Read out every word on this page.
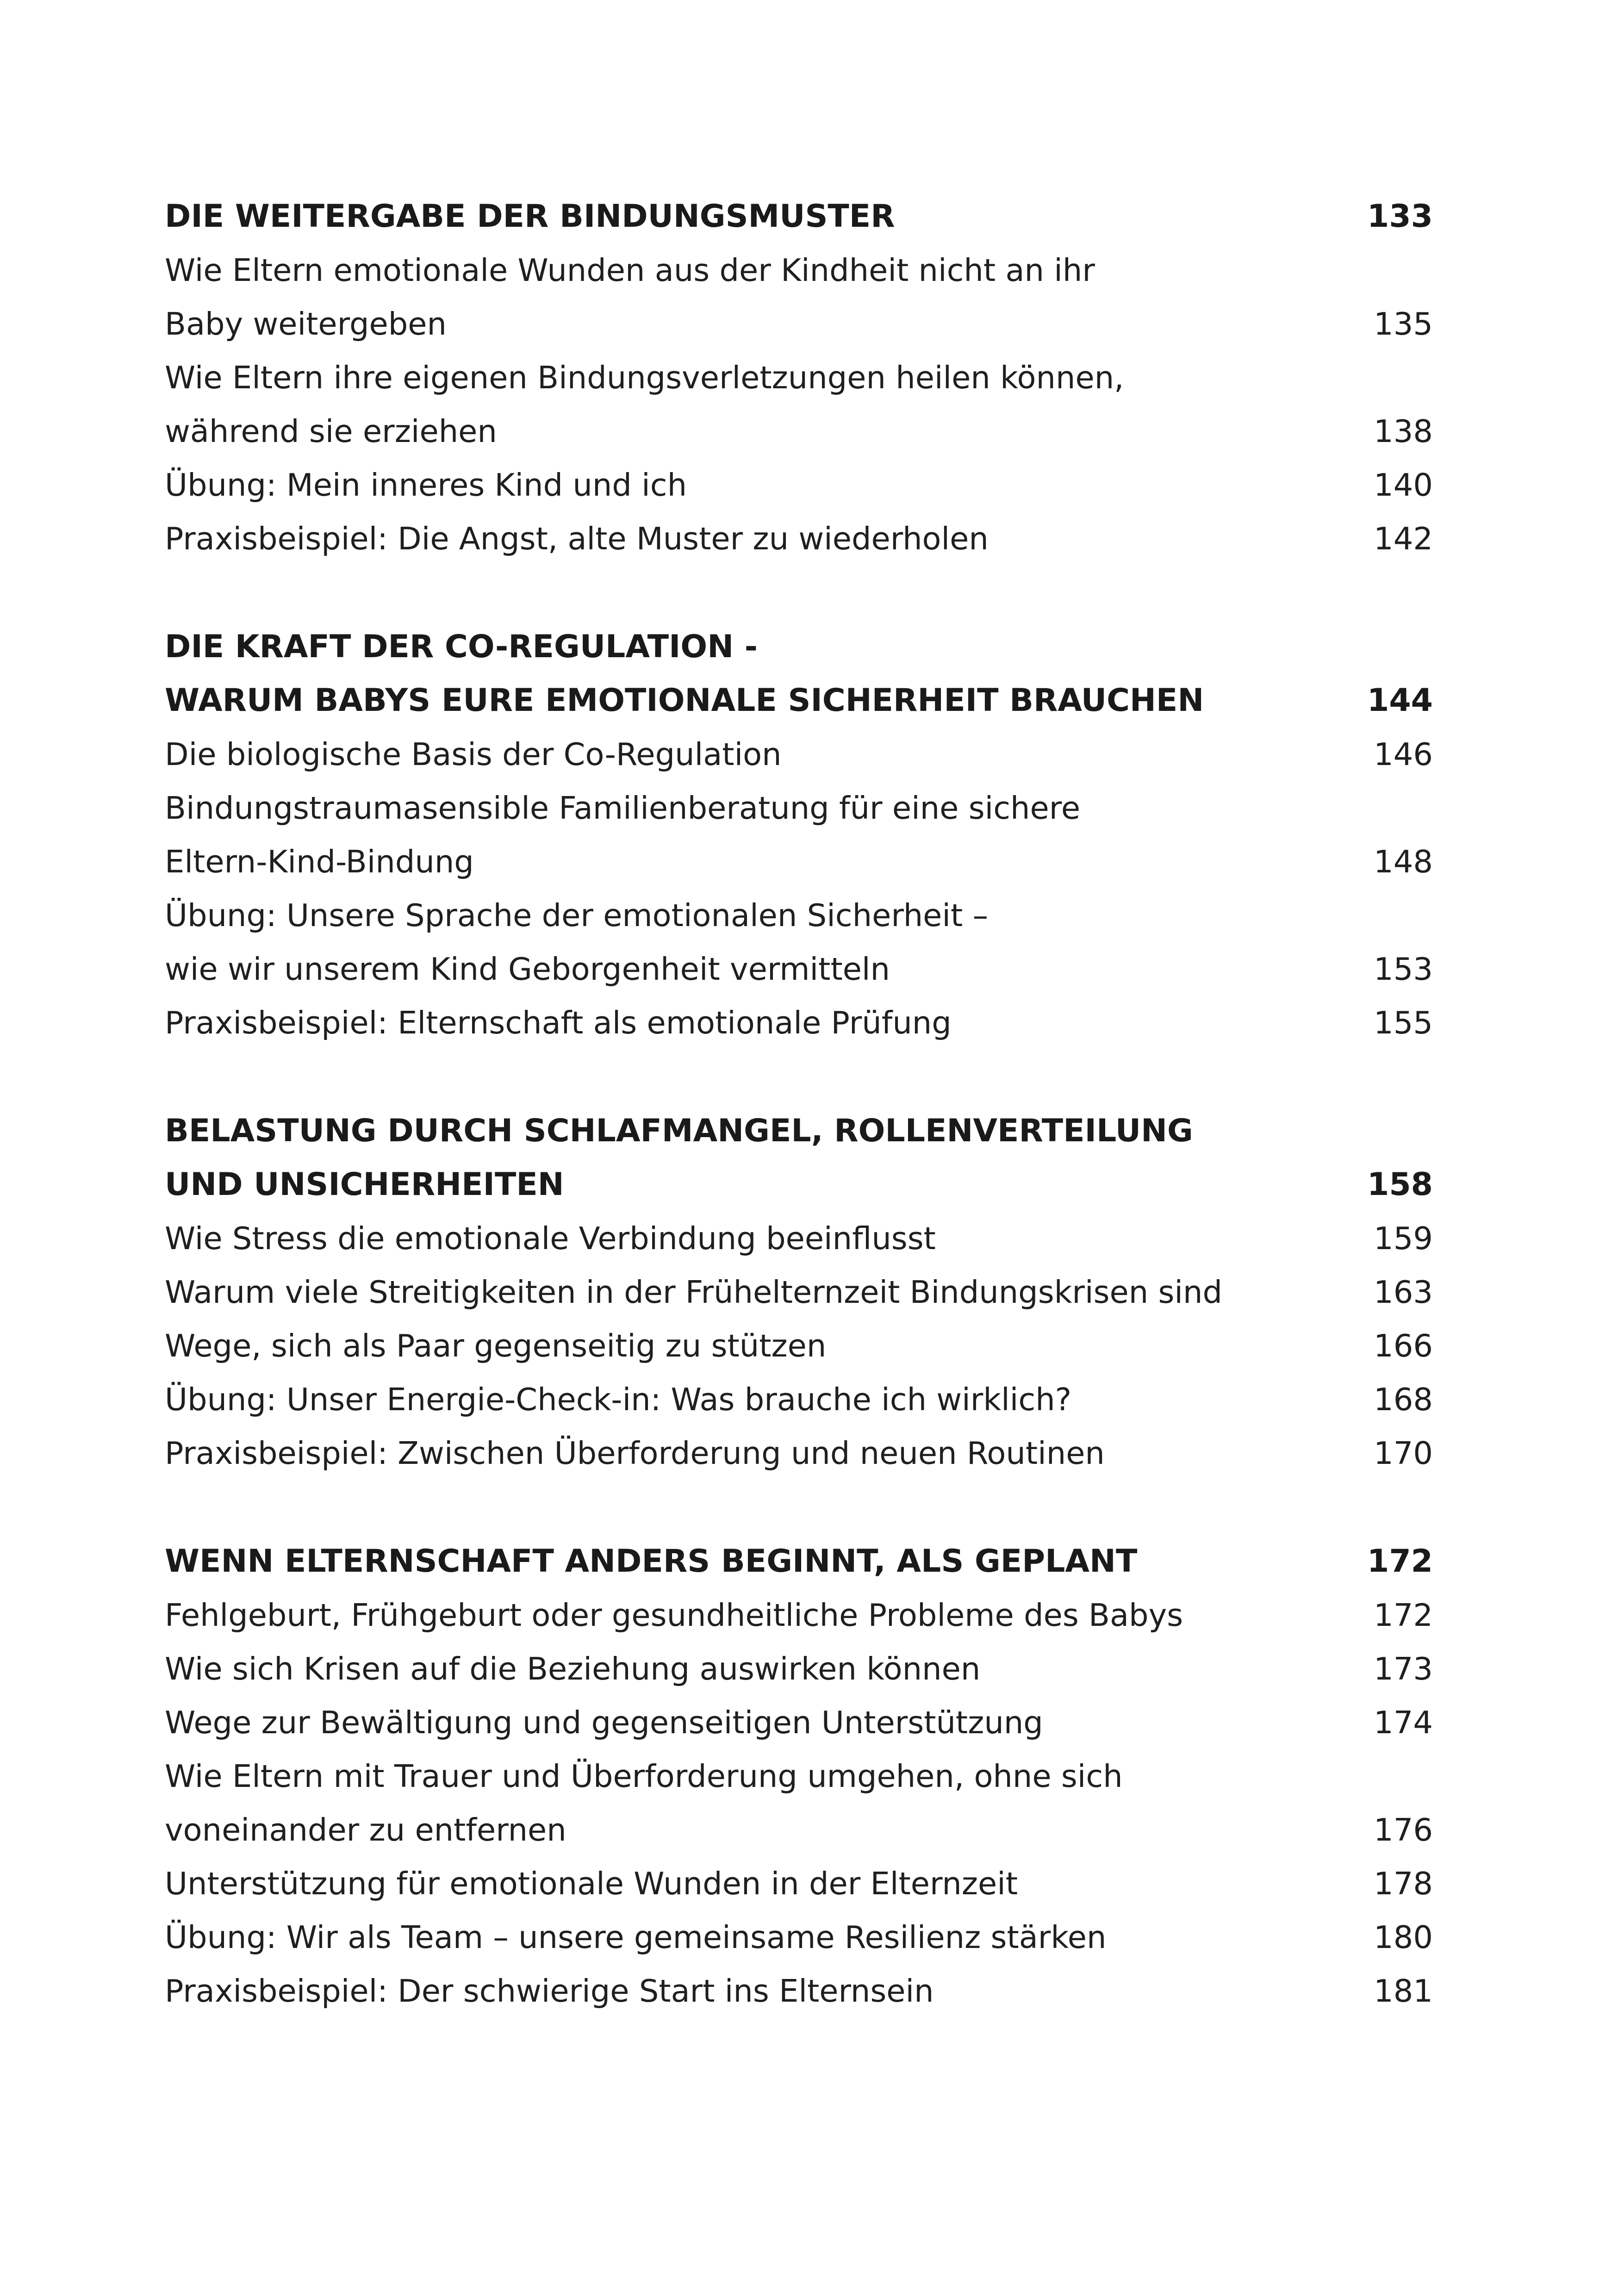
DIE WEITERGABE DER BINDUNGSMUSTER	133
Wie Eltern emotionale Wunden aus der Kindheit nicht an ihr
Baby weitergeben	135
Wie Eltern ihre eigenen Bindungsverletzungen heilen können,
während sie erziehen	138
Übung: Mein inneres Kind und ich	140
Praxisbeispiel: Die Angst, alte Muster zu wiederholen	142
DIE KRAFT DER CO-REGULATION -
WARUM BABYS EURE EMOTIONALE SICHERHEIT BRAUCHEN	144
Die biologische Basis der Co-Regulation	146
Bindungstraumasensible Familienberatung für eine sichere
Eltern-Kind-Bindung	148
Übung: Unsere Sprache der emotionalen Sicherheit –
wie wir unserem Kind Geborgenheit vermitteln	153
Praxisbeispiel: Elternschaft als emotionale Prüfung	155
BELASTUNG DURCH SCHLAFMANGEL, ROLLENVERTEILUNG
UND UNSICHERHEITEN	158
Wie Stress die emotionale Verbindung beeinflusst	159
Warum viele Streitigkeiten in der Frühelternzeit Bindungskrisen sind	163
Wege, sich als Paar gegenseitig zu stützen	166
Übung: Unser Energie-Check-in: Was brauche ich wirklich?	168
Praxisbeispiel: Zwischen Überforderung und neuen Routinen	170
WENN ELTERNSCHAFT ANDERS BEGINNT, ALS GEPLANT	172
Fehlgeburt, Frühgeburt oder gesundheitliche Probleme des Babys	172
Wie sich Krisen auf die Beziehung auswirken können	173
Wege zur Bewältigung und gegenseitigen Unterstützung	174
Wie Eltern mit Trauer und Überforderung umgehen, ohne sich
voneinander zu entfernen	176
Unterstützung für emotionale Wunden in der Elternzeit	178
Übung: Wir als Team – unsere gemeinsame Resilienz stärken	180
Praxisbeispiel: Der schwierige Start ins Elternsein	181
